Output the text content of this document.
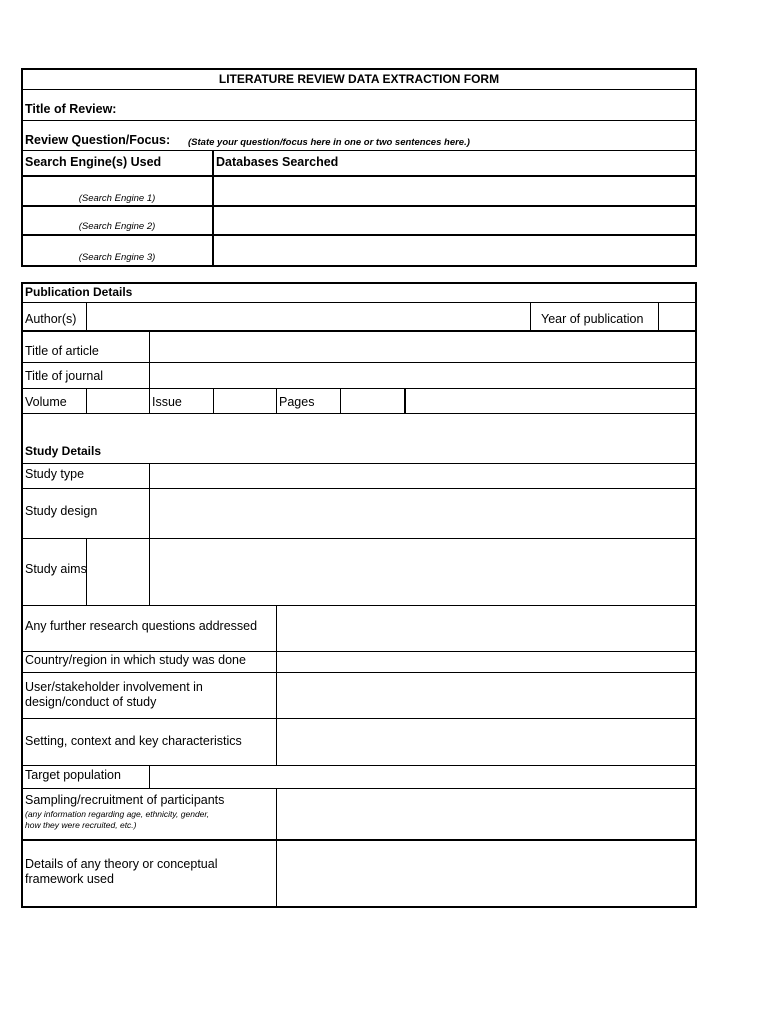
LITERATURE REVIEW DATA EXTRACTION FORM
Title of Review:
Review Question/Focus: (State your question/focus here in one or two sentences here.)
Search Engine(s) Used	Databases Searched
(Search Engine 1)
(Search Engine 2)
(Search Engine 3)
Publication Details
Author(s)	Year of publication
Title of article
Title of journal
Volume	Issue	Pages
Study Details
Study type
Study design
Study aims
Any further research questions addressed
Country/region in which study was done
User/stakeholder involvement in
design/conduct of study
Setting, context and key characteristics
Target population
Sampling/recruitment of participants
(any information regarding age, ethnicity, gender,
how they were recruited, etc.)
Details of any theory or conceptual
framework used
